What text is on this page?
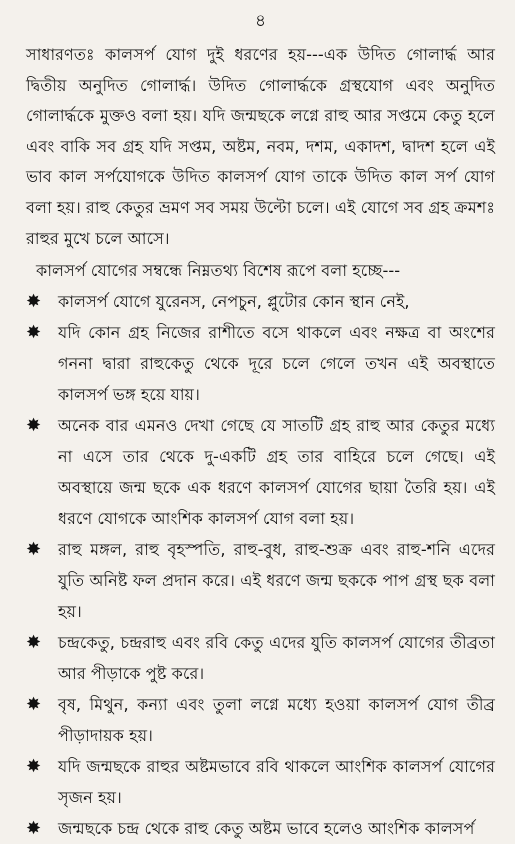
৪

সাধারণতঃ কালসর্প যোগ দুই ধরণের হয়---এক উদিত গোলার্দ্ধ আর দ্বিতীয় অনুদিত গোলার্দ্ধ। উদিত গোলার্দ্ধকে গ্রস্থযোগ এবং অনুদিত গোলার্দ্ধকে মুক্তও বলা হয়। যদি জন্মছকে লগ্নে রাহু আর সপ্তমে কেতু হলে এবং বাকি সব গ্রহ যদি সপ্তম, অষ্টম, নবম, দশম, একাদশ, দ্বাদশ হলে এই ভাব কাল সর্পযোগকে উদিত কালসর্প যোগ তাকে উদিত কাল সর্প যোগ বলা হয়। রাহু কেতুর ভ্রমণ সব সময় উল্টো চলে। এই যোগে সব গ্রহ ক্রমশঃ রাহুর মুখে চলে আসে।

কালসর্প যোগের সম্বন্ধে নিম্নতথ্য বিশেষ রূপে বলা হচ্ছে---
✸	কালসর্প যোগে যুরেনস, নেপচুন, প্লুটোর কোন স্থান নেই,
✸	যদি কোন গ্রহ নিজের রাশীতে বসে থাকলে এবং নক্ষত্র বা অংশের গননা দ্বারা রাহুকেতু থেকে দূরে চলে গেলে তখন এই অবস্থাতে কালসর্প ভঙ্গ হয়ে যায়।
✸	অনেক বার এমনও দেখা গেছে যে সাতটি গ্রহ রাহু আর কেতুর মধ্যে না এসে তার থেকে দু-একটি গ্রহ তার বাহিরে চলে গেছে। এই অবস্থায়ে জন্ম ছকে এক ধরণে কালসর্প যোগের ছায়া তৈরি হয়। এই ধরণে যোগকে আংশিক কালসর্প যোগ বলা হয়।
✸	রাহু মঙ্গল, রাহু বৃহস্পতি, রাহু-বুধ, রাহু-শুক্র এবং রাহু-শনি এদের যুতি অনিষ্ট ফল প্রদান করে। এই ধরণে জন্ম ছককে পাপ গ্রস্থ ছক বলা হয়।
✸	চন্দ্রকেতু, চন্দ্ররাহু এবং রবি কেতু এদের যুতি কালসর্প যোগের তীব্রতা আর পীড়াকে পুষ্ট করে।
✸	বৃষ, মিথুন, কন্যা এবং তুলা লগ্নে মধ্যে হওয়া কালসর্প যোগ তীব্র পীড়াদায়ক হয়।
✸	যদি জন্মছকে রাহুর অষ্টমভাবে রবি থাকলে আংশিক কালসর্প যোগের সৃজন হয়।
✸	জন্মছকে চন্দ্র থেকে রাহু কেতু অষ্টম ভাবে হলেও আংশিক কালসর্প
